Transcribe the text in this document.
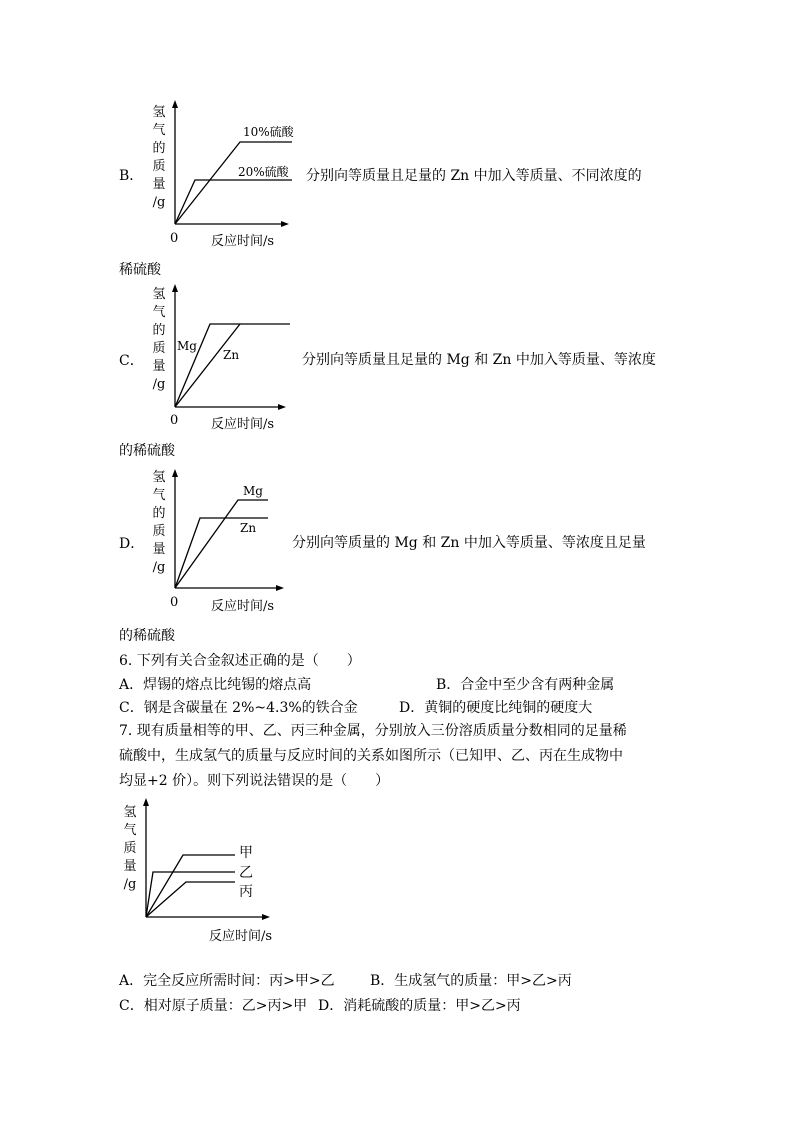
氢
气
的
质
量
/g
10%硫酸
20%硫酸
0	反应时间/s
B．	分别向等质量且足量的 Zn 中加入等质量、不同浓度的
稀硫酸
氢
气
的
质
量
/g
Mg
Zn
0	反应时间/s
C．	分别向等质量且足量的 Mg 和 Zn 中加入等质量、等浓度
的稀硫酸
氢
气
的
质
量
/g
Mg
Zn
0	反应时间/s
D．	分别向等质量的 Mg 和 Zn 中加入等质量、等浓度且足量
的稀硫酸
6. 下列有关合金叙述正确的是（　　）
A．焊锡的熔点比纯锡的熔点高	B．合金中至少含有两种金属
C．钢是含碳量在 2%~4.3%的铁合金	D．黄铜的硬度比纯铜的硬度大
7. 现有质量相等的甲、乙、丙三种金属，分别放入三份溶质质量分数相同的足量稀
硫酸中，生成氢气的质量与反应时间的关系如图所示（已知甲、乙、丙在生成物中
均显+2 价）。则下列说法错误的是（　　）
氢
气
质
量
/g
甲
乙
丙
反应时间/s
A．完全反应所需时间：丙>甲>乙	B．生成氢气的质量：甲>乙>丙
C．相对原子质量：乙>丙>甲 D．消耗硫酸的质量：甲>乙>丙
